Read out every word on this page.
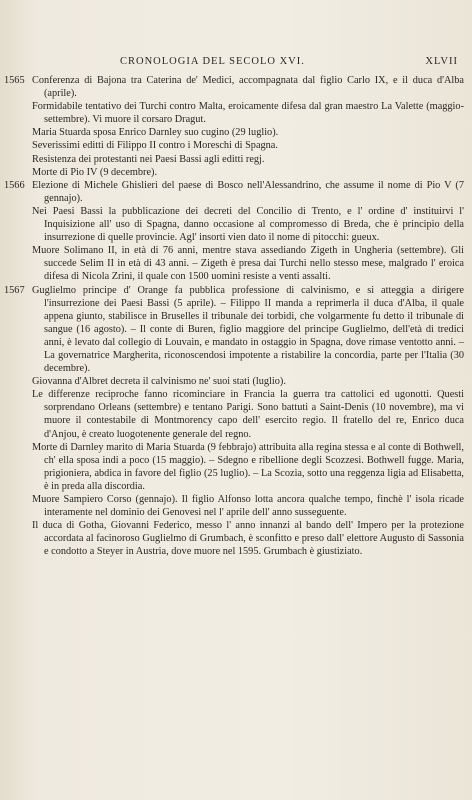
CRONOLOGIA DEL SECOLO XVI.	XLVII
1565 Conferenza di Bajona tra Caterina de' Medici, accompagnata dal figlio Carlo IX, e il duca d'Alba (aprile).

Formidabile tentativo dei Turchi contro Malta, eroicamente difesa dal gran maestro La Valette (maggio-settembre). Vi muore il corsaro Dragut.

Maria Stuarda sposa Enrico Darnley suo cugino (29 luglio).

Severissimi editti di Filippo II contro i Moreschi di Spagna.

Resistenza dei protestanti nei Paesi Bassi agli editti regj.

Morte di Pio IV (9 decembre).

1566 Elezione di Michele Ghislieri del paese di Bosco nell'Alessandrino, che assume il nome di Pio V (7 gennajo).

Nei Paesi Bassi la pubblicazione dei decreti del Concilio di Trento, e l' ordine d' instituirvi l' Inquisizione all' uso di Spagna, danno occasione al compromesso di Breda, che è principio della insurrezione di quelle provincie. Agl' insorti vien dato il nome di pitocchi: gueux.

Muore Solimano II, in età di 76 anni, mentre stava assediando Zigeth in Ungheria (settembre). Gli succede Selim II in età di 43 anni. – Zigeth è presa dai Turchi nello stesso mese, malgrado l' eroica difesa di Nicola Zrini, il quale con 1500 uomini resiste a venti assalti.

1567 Guglielmo principe d' Orange fa pubblica professione di calvinismo, e si atteggia a dirigere l'insurrezione dei Paesi Bassi (5 aprile). – Filippo II manda a reprimerla il duca d'Alba, il quale appena giunto, stabilisce in Bruselles il tribunale dei torbidi, che volgarmente fu detto il tribunale di sangue (16 agosto). – Il conte di Buren, figlio maggiore del principe Guglielmo, dell'età di tredici anni, è levato dal collegio di Louvain, e mandato in ostaggio in Spagna, dove rimase ventotto anni. – La governatrice Margherita, riconoscendosi impotente a ristabilire la concordia, parte per l'Italia (30 decembre).

Giovanna d'Albret decreta il calvinismo ne' suoi stati (luglio).

Le differenze reciproche fanno ricominciare in Francia la guerra tra cattolici ed ugonotti. Questi sorprendano Orleans (settembre) e tentano Parigi. Sono battuti a Saint-Denis (10 novembre), ma vi muore il contestabile di Montmorency capo dell' esercito regio. Il fratello del re, Enrico duca d'Anjou, è creato luogotenente generale del regno.

Morte di Darnley marito di Maria Stuarda (9 febbrajo) attribuita alla regina stessa e al conte di Bothwell, ch' ella sposa indi a poco (15 maggio). – Sdegno e ribellione degli Scozzesi. Bothwell fugge. Maria, prigioniera, abdica in favore del figlio (25 luglio). – La Scozia, sotto una reggenza ligia ad Elisabetta, è in preda alla discordia.

Muore Sampiero Corso (gennajo). Il figlio Alfonso lotta ancora qualche tempo, finchè l' isola ricade interamente nel dominio dei Genovesi nel l' aprile dell' anno susseguente.

Il duca di Gotha, Giovanni Federico, messo l' anno innanzi al bando dell' Impero per la protezione accordata al facinoroso Guglielmo di Grumbach, è sconfitto e preso dall' elettore Augusto di Sassonia e condotto a Steyer in Austria, dove muore nel 1595. Grumbach è giustiziato.
